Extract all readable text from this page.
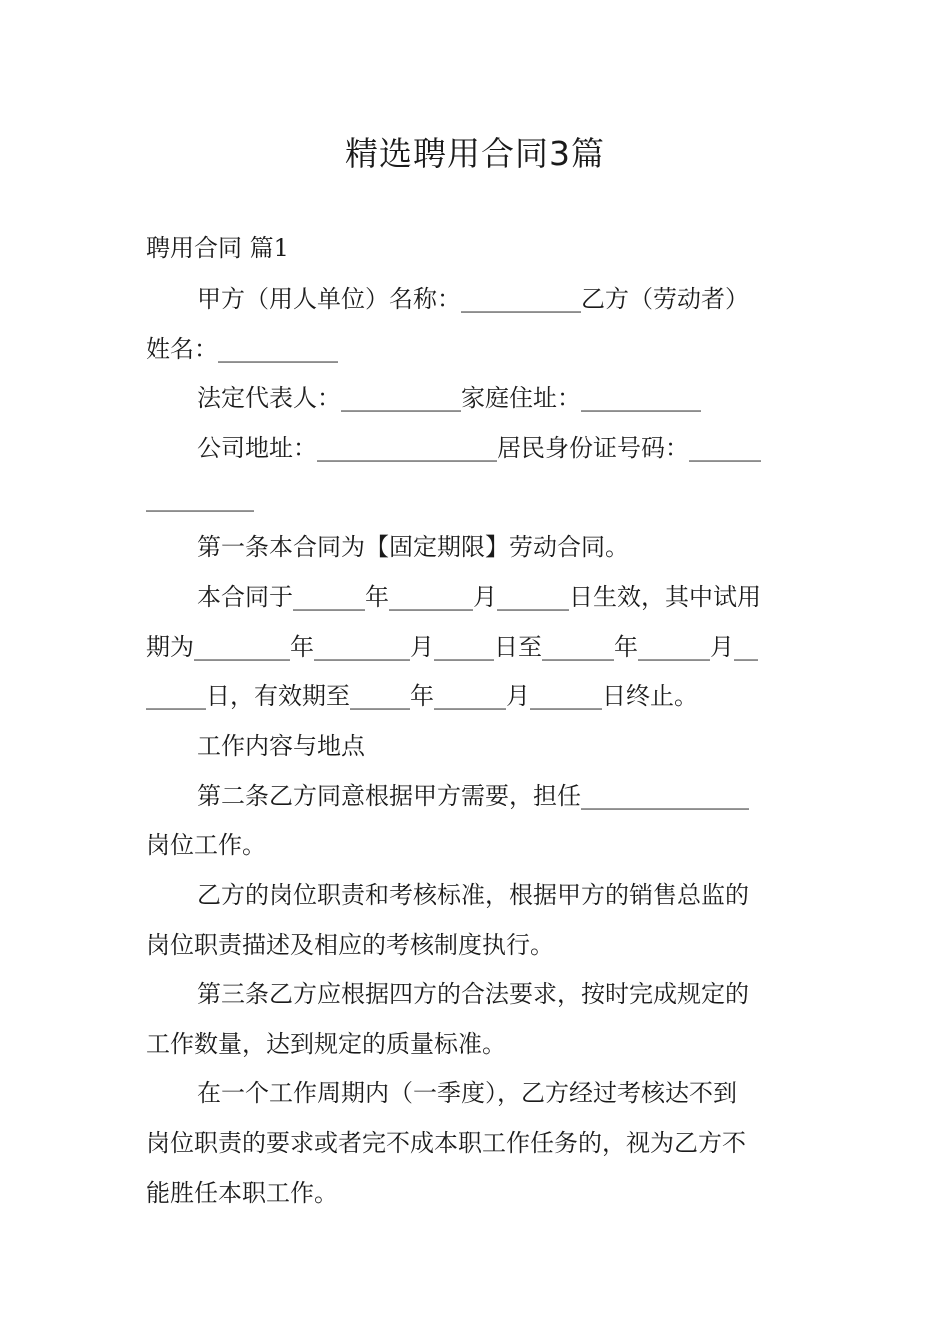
精选聘用合同3篇
聘用合同 篇1
甲方（用人单位）名称：__________乙方（劳动者）
姓名：__________
法定代表人：__________家庭住址：__________
公司地址：_______________居民身份证号码：______
_________
第一条本合同为【固定期限】劳动合同。
本合同于______年_______月______日生效，其中试用
期为________年________月_____日至______年______月__
_____日，有效期至_____年______月______日终止。
工作内容与地点
第二条乙方同意根据甲方需要，担任______________
岗位工作。
乙方的岗位职责和考核标准，根据甲方的销售总监的
岗位职责描述及相应的考核制度执行。
第三条乙方应根据四方的合法要求，按时完成规定的
工作数量，达到规定的质量标准。
在一个工作周期内（一季度），乙方经过考核达不到
岗位职责的要求或者完不成本职工作任务的，视为乙方不
能胜任本职工作。
